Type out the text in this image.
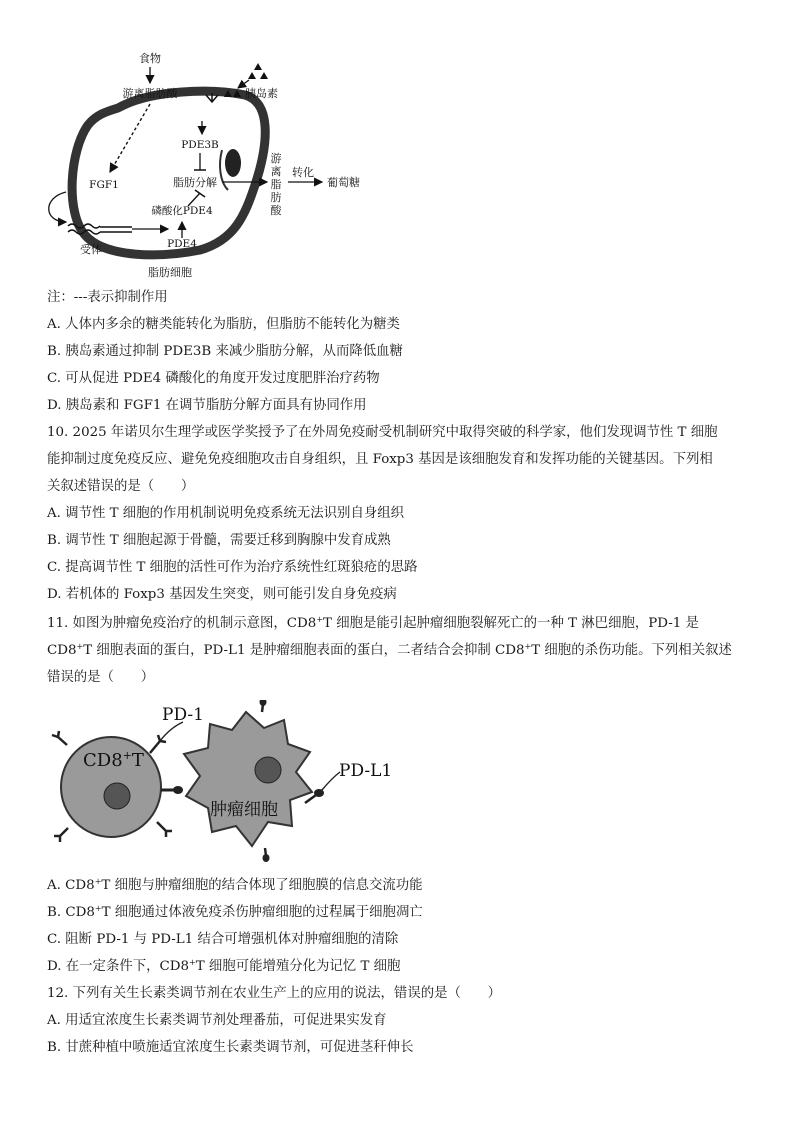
食物
游离脂肪酸	胰岛素
PDE3B
FGF1	脂肪分解
游
离
脂
肪
酸
转化
葡萄糖
磷酸化PDE4
PDE4
受体
脂肪细胞
注：---表示抑制作用
A. 人体内多余的糖类能转化为脂肪，但脂肪不能转化为糖类
B. 胰岛素通过抑制 PDE3B 来减少脂肪分解，从而降低血糖
C. 可从促进 PDE4 磷酸化的角度开发过度肥胖治疗药物
D. 胰岛素和 FGF1 在调节脂肪分解方面具有协同作用
10. 2025 年诺贝尔生理学或医学奖授予了在外周免疫耐受机制研究中取得突破的科学家，他们发现调节性 T 细胞
能抑制过度免疫反应、避免免疫细胞攻击自身组织，且 Foxp3 基因是该细胞发育和发挥功能的关键基因。下列相
关叙述错误的是（　　）
A. 调节性 T 细胞的作用机制说明免疫系统无法识别自身组织
B. 调节性 T 细胞起源于骨髓，需要迁移到胸腺中发育成熟
C. 提高调节性 T 细胞的活性可作为治疗系统性红斑狼疮的思路
D. 若机体的 Foxp3 基因发生突变，则可能引发自身免疫病
11. 如图为肿瘤免疫治疗的机制示意图，CD8+T 细胞是能引起肿瘤细胞裂解死亡的一种 T 淋巴细胞，PD-1 是
CD8+T 细胞表面的蛋白，PD-L1 是肿瘤细胞表面的蛋白，二者结合会抑制 CD8+T 细胞的杀伤功能。下列相关叙述
错误的是（　　）
CD8+T
PD-1
肿瘤细胞
PD-L1
A. CD8+T 细胞与肿瘤细胞的结合体现了细胞膜的信息交流功能
B. CD8+T 细胞通过体液免疫杀伤肿瘤细胞的过程属于细胞凋亡
C. 阻断 PD-1 与 PD-L1 结合可增强机体对肿瘤细胞的清除
D. 在一定条件下，CD8+T 细胞可能增殖分化为记忆 T 细胞
12. 下列有关生长素类调节剂在农业生产上的应用的说法，错误的是（　　）
A. 用适宜浓度生长素类调节剂处理番茄，可促进果实发育
B. 甘蔗种植中喷施适宜浓度生长素类调节剂，可促进茎秆伸长
